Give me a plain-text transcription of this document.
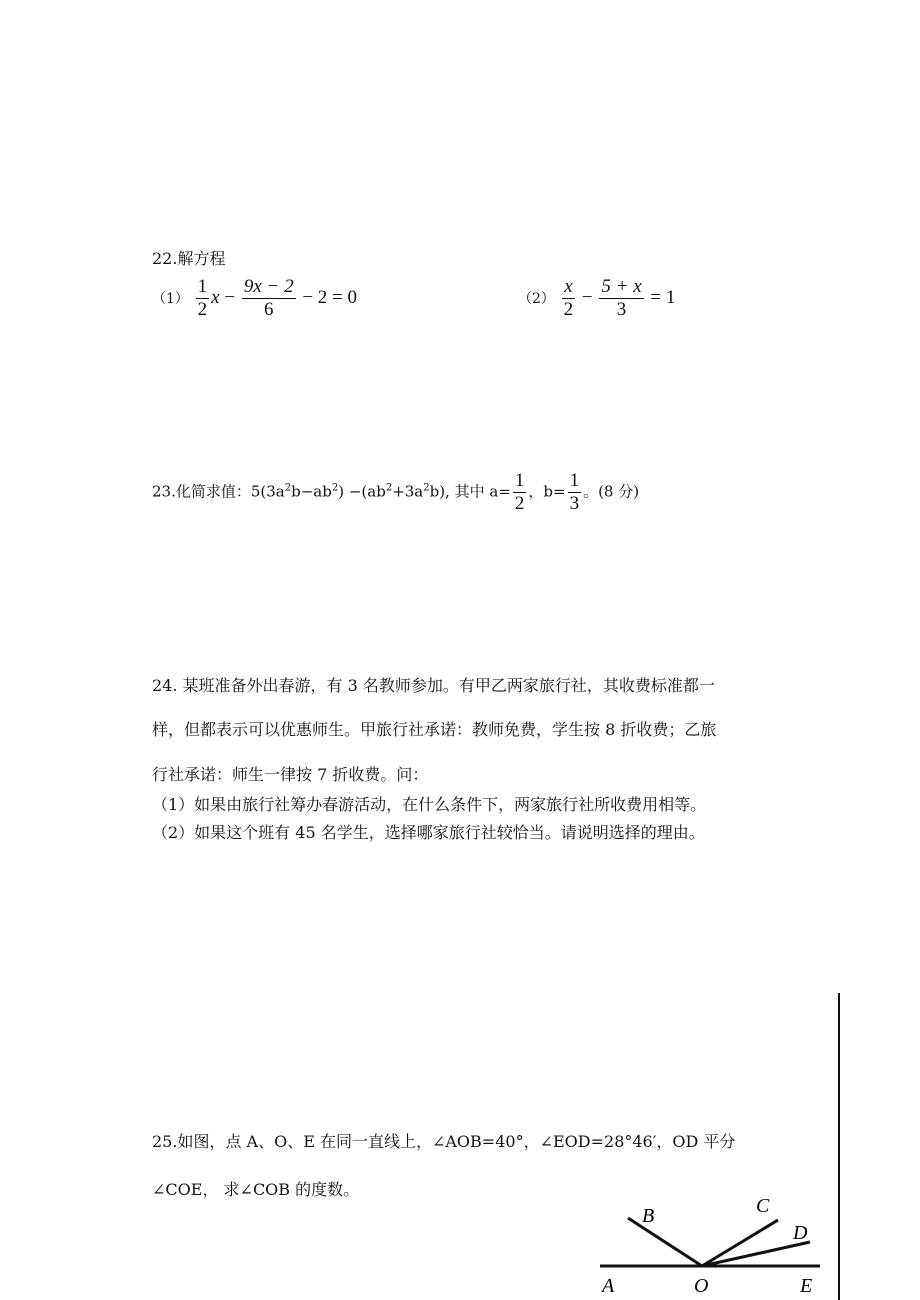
22.解方程
$(1) \frac{1}{2}$ $x - \frac{9x - 2}{6} - 2 = 0$	$(2) \frac{x}{2} - \frac{5 + x}{3} = 1$
23.化简求值：$5(3a^2b-ab^2) -(ab^2+3a^2b)$, 其中 $a= \frac{1}{2}$ ，$b= \frac{1}{3}$ 。(8 分)
24. 某班准备外出春游，有 3 名教师参加。有甲乙两家旅行社，其收费标准都一
样，但都表示可以优惠师生。甲旅行社承诺：教师免费，学生按 8 折收费；乙旅
行社承诺：师生一律按 7 折收费。问：
（1）如果由旅行社筹办春游活动，在什么条件下，两家旅行社所收费用相等。
（2）如果这个班有 45 名学生，选择哪家旅行社较恰当。请说明选择的理由。
25.如图，点 A、O、E 在同一直线上，∠AOB=40°，∠EOD=28°46′，OD 平分
∠COE， 求∠COB 的度数。
A	O	E
B	C
D
